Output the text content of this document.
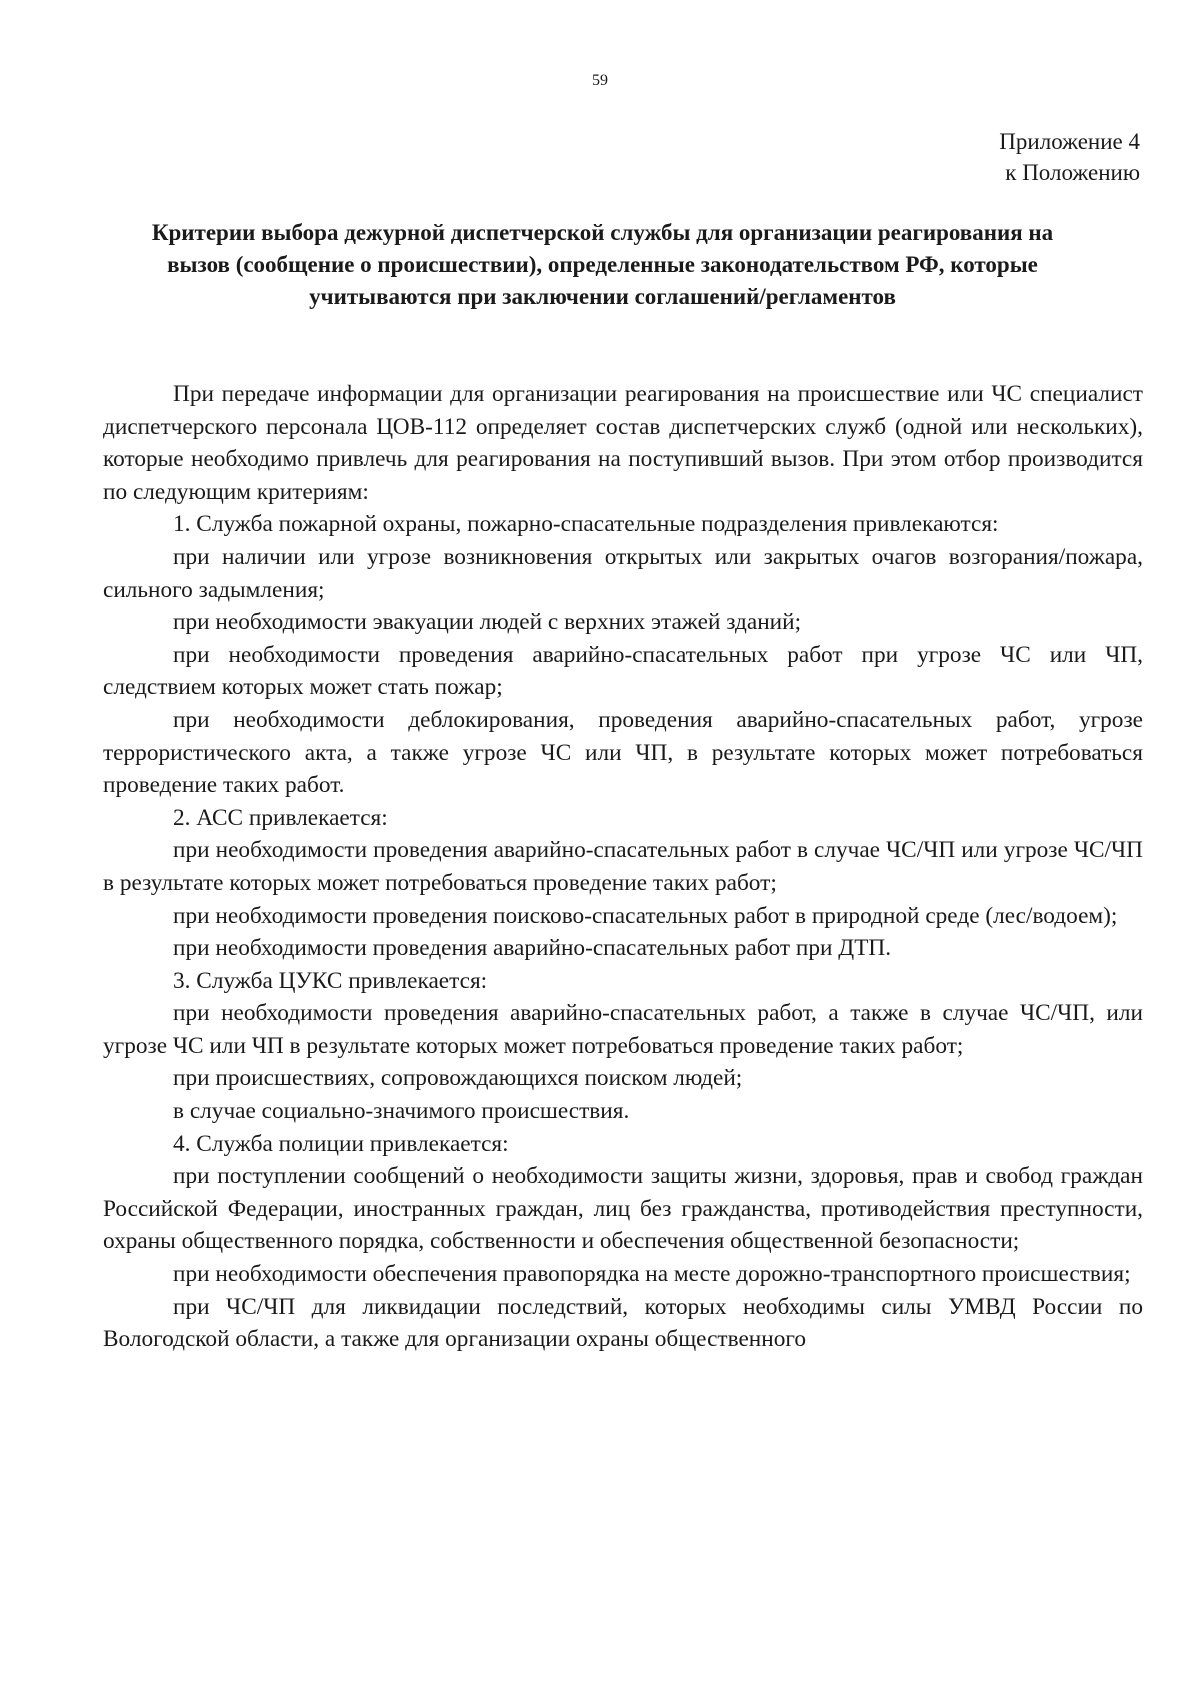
59
Приложение 4
к Положению
Критерии выбора дежурной диспетчерской службы для организации реагирования на вызов (сообщение о происшествии), определенные законодательством РФ, которые учитываются при заключении соглашений/регламентов

При передаче информации для организации реагирования на происшествие или ЧС специалист диспетчерского персонала ЦОВ-112 определяет состав диспетчерских служб (одной или нескольких), которые необходимо привлечь для реагирования на поступивший вызов. При этом отбор производится по следующим критериям:

1. Служба пожарной охраны, пожарно-спасательные подразделения привлекаются:

при наличии или угрозе возникновения открытых или закрытых очагов возгорания/пожара, сильного задымления;

при необходимости эвакуации людей с верхних этажей зданий;

при необходимости проведения аварийно-спасательных работ при угрозе ЧС или ЧП, следствием которых может стать пожар;

при необходимости деблокирования, проведения аварийно-спасательных работ, угрозе террористического акта, а также угрозе ЧС или ЧП, в результате которых может потребоваться проведение таких работ.

2. АСС привлекается:

при необходимости проведения аварийно-спасательных работ в случае ЧС/ЧП или угрозе ЧС/ЧП в результате которых может потребоваться проведение таких работ;

при необходимости проведения поисково-спасательных работ в природной среде (лес/водоем);

при необходимости проведения аварийно-спасательных работ при ДТП.

3. Служба ЦУКС привлекается:

при необходимости проведения аварийно-спасательных работ, а также в случае ЧС/ЧП, или угрозе ЧС или ЧП в результате которых может потребоваться проведение таких работ;

при происшествиях, сопровождающихся поиском людей;

в случае социально-значимого происшествия.

4. Служба полиции привлекается:

при поступлении сообщений о необходимости защиты жизни, здоровья, прав и свобод граждан Российской Федерации, иностранных граждан, лиц без гражданства, противодействия преступности, охраны общественного порядка, собственности и обеспечения общественной безопасности;

при необходимости обеспечения правопорядка на месте дорожно-транспортного происшествия;

при ЧС/ЧП для ликвидации последствий, которых необходимы силы УМВД России по Вологодской области, а также для организации охраны общественного
